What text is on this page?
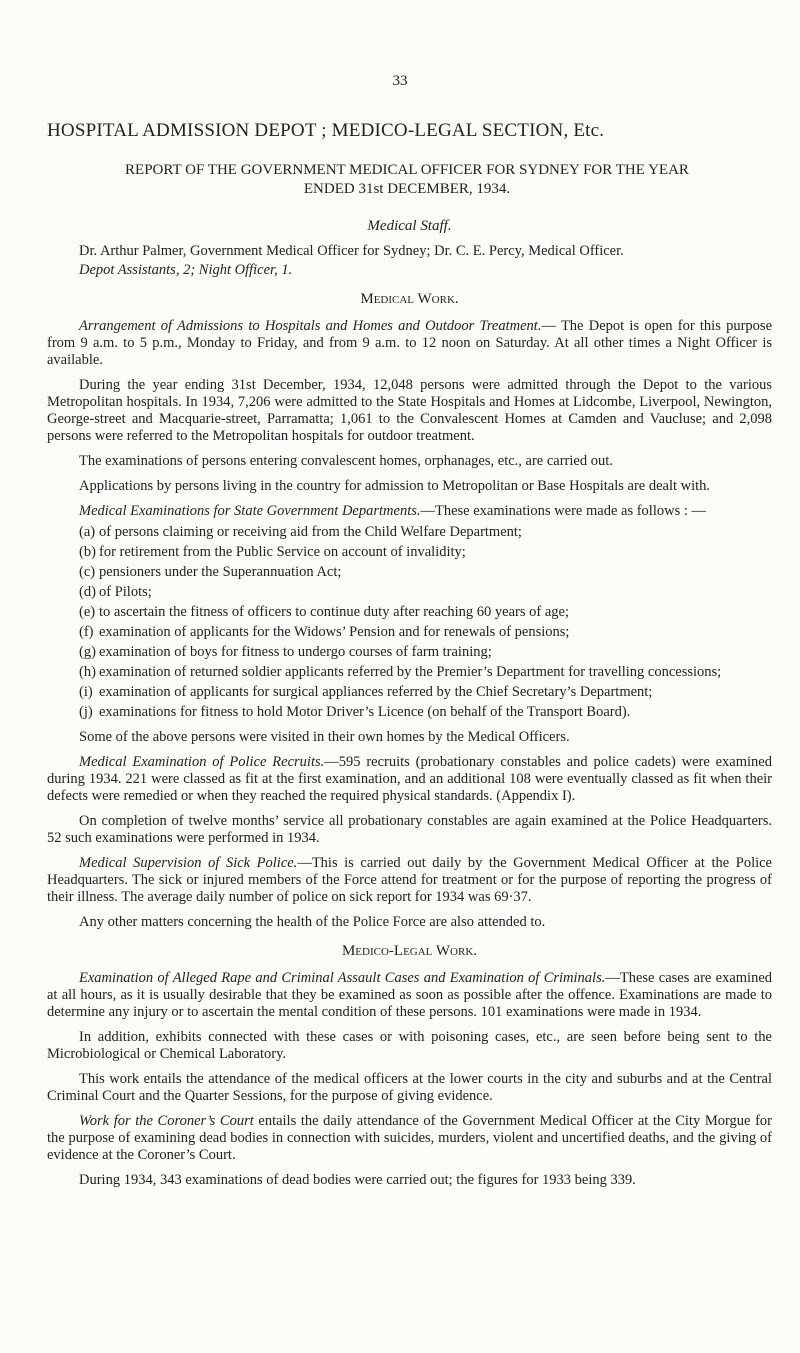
33
HOSPITAL ADMISSION DEPOT ; MEDICO-LEGAL SECTION, Etc.
REPORT OF THE GOVERNMENT MEDICAL OFFICER FOR SYDNEY FOR THE YEAR
ENDED 31st DECEMBER, 1934.
Medical Staff.

Dr. Arthur Palmer, Government Medical Officer for Sydney; Dr. C. E. Percy, Medical Officer.

Depot Assistants, 2; Night Officer, 1.

Medical Work.

Arrangement of Admissions to Hospitals and Homes and Outdoor Treatment.— The Depot is open for this purpose from 9 a.m. to 5 p.m., Monday to Friday, and from 9 a.m. to 12 noon on Saturday. At all other times a Night Officer is available.

During the year ending 31st December, 1934, 12,048 persons were admitted through the Depot to the various Metropolitan hospitals. In 1934, 7,206 were admitted to the State Hospitals and Homes at Lidcombe, Liverpool, Newington, George-street and Macquarie-street, Parramatta; 1,061 to the Convalescent Homes at Camden and Vaucluse; and 2,098 persons were referred to the Metropolitan hospitals for outdoor treatment.

The examinations of persons entering convalescent homes, orphanages, etc., are carried out.

Applications by persons living in the country for admission to Metropolitan or Base Hospitals are dealt with.

Medical Examinations for State Government Departments.—These examinations were made as follows : —

(a) of persons claiming or receiving aid from the Child Welfare Department;
(b) for retirement from the Public Service on account of invalidity;
(c) pensioners under the Superannuation Act;
(d) of Pilots;
(e) to ascertain the fitness of officers to continue duty after reaching 60 years of age;
(f) examination of applicants for the Widows’ Pension and for renewals of pensions;
(g) examination of boys for fitness to undergo courses of farm training;
(h) examination of returned soldier applicants referred by the Premier’s Department for travelling concessions;
(i) examination of applicants for surgical appliances referred by the Chief Secretary’s Department;
(j) examinations for fitness to hold Motor Driver’s Licence (on behalf of the Transport Board).

Some of the above persons were visited in their own homes by the Medical Officers.

Medical Examination of Police Recruits.—595 recruits (probationary constables and police cadets) were examined during 1934. 221 were classed as fit at the first examination, and an additional 108 were eventually classed as fit when their defects were remedied or when they reached the required physical standards. (Appendix I).

On completion of twelve months’ service all probationary constables are again examined at the Police Headquarters. 52 such examinations were performed in 1934.

Medical Supervision of Sick Police.—This is carried out daily by the Government Medical Officer at the Police Headquarters. The sick or injured members of the Force attend for treatment or for the purpose of reporting the progress of their illness. The average daily number of police on sick report for 1934 was 69·37.

Any other matters concerning the health of the Police Force are also attended to.

Medico-Legal Work.

Examination of Alleged Rape and Criminal Assault Cases and Examination of Criminals.—These cases are examined at all hours, as it is usually desirable that they be examined as soon as possible after the offence. Examinations are made to determine any injury or to ascertain the mental condition of these persons. 101 examinations were made in 1934.

In addition, exhibits connected with these cases or with poisoning cases, etc., are seen before being sent to the Microbiological or Chemical Laboratory.

This work entails the attendance of the medical officers at the lower courts in the city and suburbs and at the Central Criminal Court and the Quarter Sessions, for the purpose of giving evidence.

Work for the Coroner’s Court entails the daily attendance of the Government Medical Officer at the City Morgue for the purpose of examining dead bodies in connection with suicides, murders, violent and uncertified deaths, and the giving of evidence at the Coroner’s Court.

During 1934, 343 examinations of dead bodies were carried out; the figures for 1933 being 339.
